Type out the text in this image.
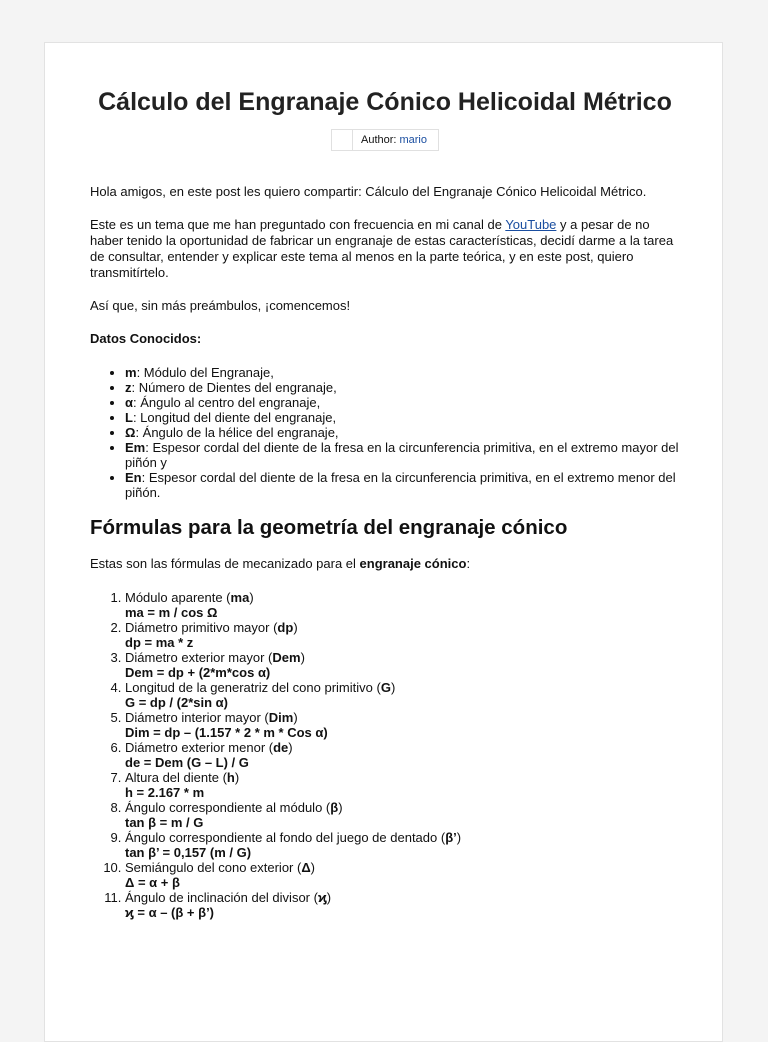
Cálculo del Engranaje Cónico Helicoidal Métrico
Author: mario

Hola amigos, en este post les quiero compartir: Cálculo del Engranaje Cónico Helicoidal Métrico.

Este es un tema que me han preguntado con frecuencia en mi canal de YouTube y a pesar de no haber tenido la oportunidad de fabricar un engranaje de estas características, decidí darme a la tarea de consultar, entender y explicar este tema al menos en la parte teórica, y en este post, quiero transmitírtelo.

Así que, sin más preámbulos, ¡comencemos!

Datos Conocidos:

• m: Módulo del Engranaje,
• z: Número de Dientes del engranaje,
• α: Ángulo al centro del engranaje,
• L: Longitud del diente del engranaje,
• Ω: Ángulo de la hélice del engranaje,
• Em: Espesor cordal del diente de la fresa en la circunferencia primitiva, en el extremo mayor del piñón y
• En: Espesor cordal del diente de la fresa en la circunferencia primitiva, en el extremo menor del piñón.
Fórmulas para la geometría del engranaje cónico

Estas son las fórmulas de mecanizado para el engranaje cónico:

1. Módulo aparente (ma)
ma = m / cos Ω
2. Diámetro primitivo mayor (dp)
dp = ma * z
3. Diámetro exterior mayor (Dem)
Dem = dp + (2*m*cos α)
4. Longitud de la generatriz del cono primitivo (G)
G = dp / (2*sin α)
5. Diámetro interior mayor (Dim)
Dim = dp – (1.157 * 2 * m * Cos α)
6. Diámetro exterior menor (de)
de = Dem (G – L) / G
7. Altura del diente (h)
h = 2.167 * m
8. Ángulo correspondiente al módulo (β)
tan β = m / G
9. Ángulo correspondiente al fondo del juego de dentado (β’)
tan β’ = 0,157 (m / G)
10. Semiángulo del cono exterior (Δ)
Δ = α + β
11. Ángulo de inclinación del divisor (ϗ)
ϗ = α – (β + β’)
